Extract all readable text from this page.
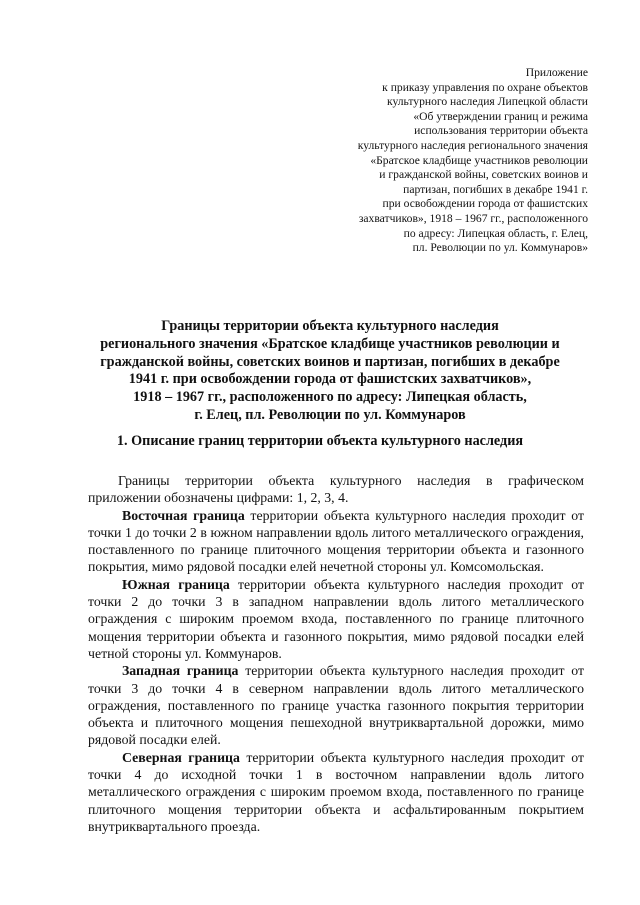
Приложение
к приказу управления по охране объектов
культурного наследия Липецкой области
«Об утверждении границ и режима
использования территории объекта
культурного наследия регионального значения
«Братское кладбище участников революции
и гражданской войны, советских воинов и
партизан, погибших в декабре 1941 г.
при освобождении города от фашистских
захватчиков», 1918 – 1967 гг., расположенного
по адресу: Липецкая область, г. Елец,
пл. Революции по ул. Коммунаров»
Границы территории объекта культурного наследия
регионального значения «Братское кладбище участников революции и
гражданской войны, советских воинов и партизан, погибших в декабре
1941 г. при освобождении города от фашистских захватчиков»,
1918 – 1967 гг., расположенного по адресу: Липецкая область,
г. Елец, пл. Революции по ул. Коммунаров
1. Описание границ территории объекта культурного наследия

Границы территории объекта культурного наследия в графическом приложении обозначены цифрами: 1, 2, 3, 4.

Восточная граница территории объекта культурного наследия проходит от точки 1 до точки 2 в южном направлении вдоль литого металлического ограждения, поставленного по границе плиточного мощения территории объекта и газонного покрытия, мимо рядовой посадки елей нечетной стороны ул. Комсомольская.

Южная граница территории объекта культурного наследия проходит от точки 2 до точки 3 в западном направлении вдоль литого металлического ограждения с широким проемом входа, поставленного по границе плиточного мощения территории объекта и газонного покрытия, мимо рядовой посадки елей четной стороны ул. Коммунаров.

Западная граница территории объекта культурного наследия проходит от точки 3 до точки 4 в северном направлении вдоль литого металлического ограждения, поставленного по границе участка газонного покрытия территории объекта и плиточного мощения пешеходной внутриквартальной дорожки, мимо рядовой посадки елей.

Северная граница территории объекта культурного наследия проходит от точки 4 до исходной точки 1 в восточном направлении вдоль литого металлического ограждения с широким проемом входа, поставленного по границе плиточного мощения территории объекта и асфальтированным покрытием внутриквартального проезда.
